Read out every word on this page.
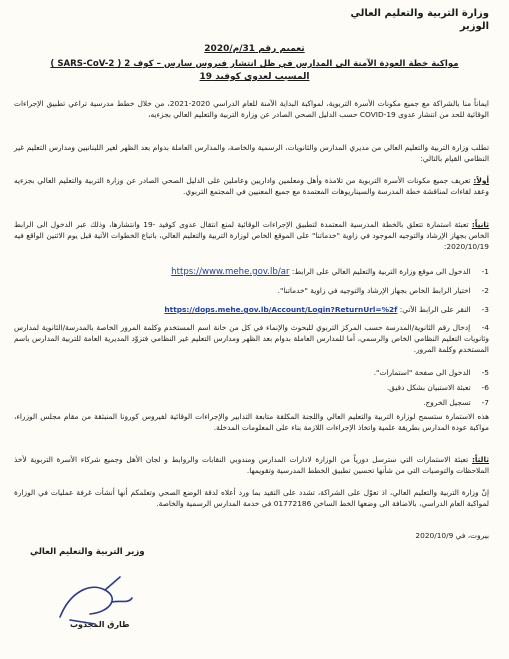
وزارة التربية والتعليم العالي
الوزير
تعميم رقم 31/م/2020
مواكبة خطة العودة الآمنة الى المدارس في ظل انتشار فيروس سارس – كوف 2 ( SARS-CoV-2 )
المسبب لعدوى كوفيد 19
ايماناً منا بالشراكة مع جميع مكونات الأسرة التربوية، لمواكبة البداية الآمنة للعام الدراسي 2020-2021، من خلال خطط مدرسية تراعي تطبيق الإجراءات الوقائية للحد من انتشار عدوى COVID-19 حسب الدليل الصحي الصادر عن وزارة التربية والتعليم العالي بجزءيه،
تطلب وزارة التربية والتعليم العالي من مديري المدارس والثانويات، الرسمية والخاصة، والمدارس العاملة بدوام بعد الظهر لغير اللبنانيين ومدارس التعليم غير النظامي القيام بالتالي:
أولاً: تعريف جميع مكونات الأسرة التربوية من تلامذة وأهل ومعلمين واداريين وعاملين على الدليل الصحي الصادر عن وزارة التربية والتعليم العالي بجزءيه وعقد لقاءات لمناقشة خطة المدرسة والسيناريوهات المعتمدة مع جميع المعنيين في المجتمع التربوي.
ثانياً: تعبئة استمارة تتعلق بالخطة المدرسية المعتمدة لتطبيق الإجراءات الوقائية لمنع انتقال عدوى كوفيد -19 وانتشارها، وذلك عبر الدخول الى الرابط الخاص بجهاز الإرشاد والتوجيه الموجود في زاوية "خدماتنا" على الموقع الخاص لوزارة التربية والتعليم العالي، باتباع الخطوات الآتية قبل يوم الاثنين الواقع فيه 2020/10/19:
1- الدخول الى موقع وزارة التربية والتعليم العالي على الرابط: https://www.mehe.gov.lb/ar
2- اختيار الرابط الخاص بجهاز الإرشاد والتوجيه في زاوية "خدماتنا".
3- النقر على الرابط الآتي: https://dops.mehe.gov.lb/Account/Login?ReturnUrl=%2f
4- إدخال رقم الثانوية/المدرسة حسب المركز التربوي للبحوث والإنماء في كل من خانة اسم المستخدم وكلمة المرور الخاصة بالمدرسة/الثانوية لمدارس وثانويات التعليم النظامي الخاص والرسمي، أما للمدارس العاملة بدوام بعد الظهر ومدارس التعليم غير النظامي فتزوّد المديرية العامة للتربية المدارس باسم المستخدم وكلمة المرور.
5- الدخول الى صفحة "استمارات".
6- تعبئة الاستبيان بشكل دقيق.
7- تسجيل الخروج.
هذه الاستمارة ستسمح لوزارة التربية والتعليم العالي واللجنة المكلفة متابعة التدابير والإجراءات الوقائية لفيروس كورونا المنبثقة من مقام مجلس الوزراء، مواكبة عودة المدارس بطريقة علمية واتخاذ الإجراءات اللازمة بناء على المعلومات المدخلة.
ثالثاً: تعبئة الاستمارات التي سترسل دورياً من الوزارة لادارات المدارس ومندوبي النقابات والروابط و لجان الأهل وجميع شركاء الأسرة التربوية لأخذ الملاحظات والتوصيات التي من شأنها تحسين تطبيق الخطط المدرسية وتقويمها.
إنّ وزارة التربية والتعليم العالي، اذ تعوّل على الشراكة، تشدد على التقيد بما ورد أعلاه لدقة الوضع الصحي وتعلمكم أنها أنشأت غرفة عمليات في الوزارة لمواكبة العام الدراسي، بالاضافة الى وضعها الخط الساخن 01772186 في خدمة المدارس الرسمية والخاصة.
بيروت، في 2020/10/9
وزير التربية والتعليم العالي
طارق المجذوب
